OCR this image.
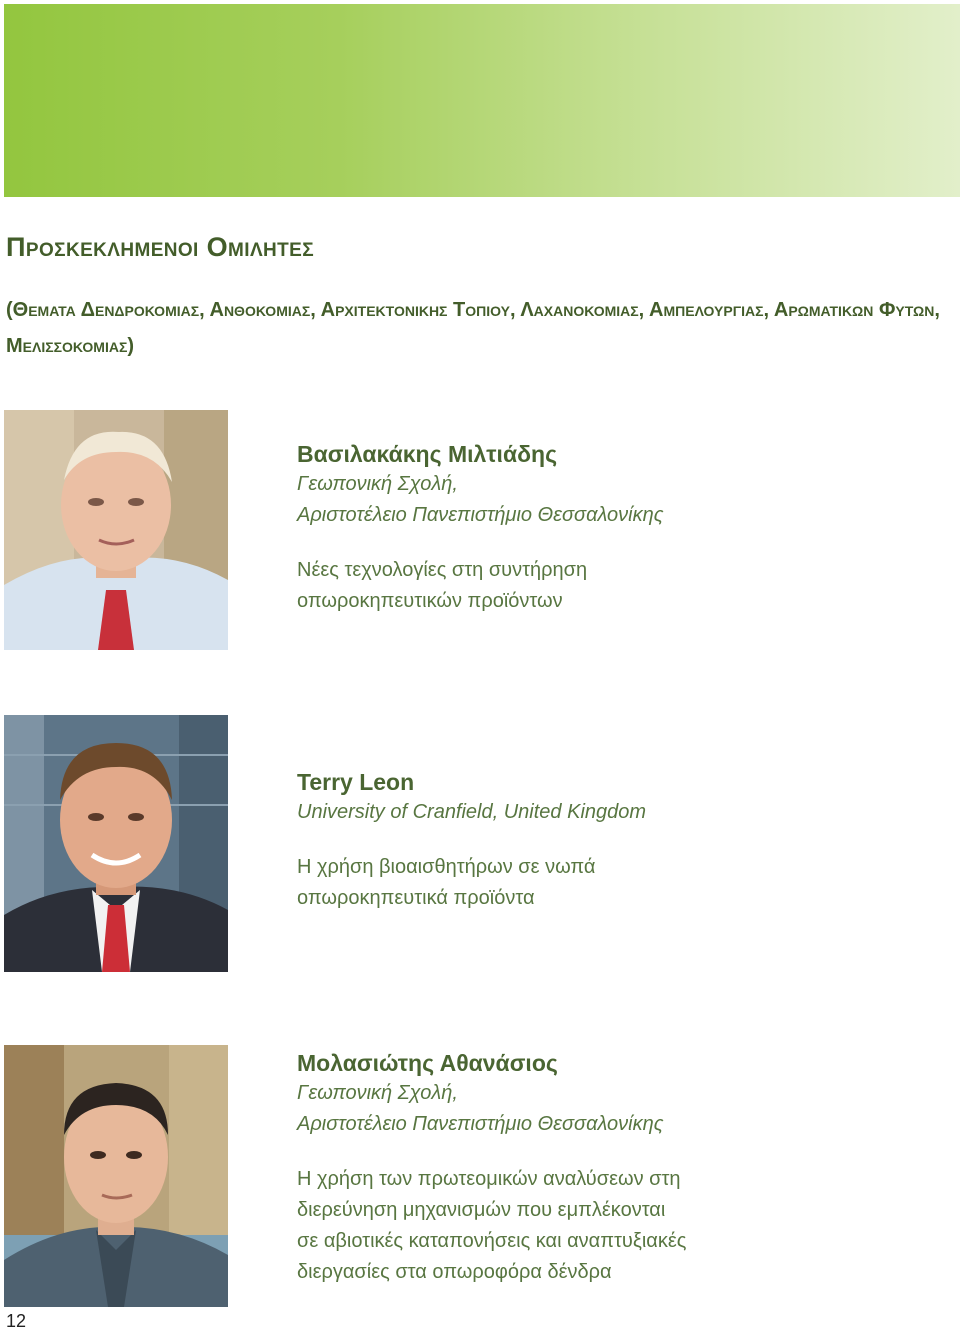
Προσκεκλημενοι Ομιλητες

(Θεματα Δενδροκομιας, Ανθοκομιας, Αρχιτεκτονικης Τοπιου, Λαχανοκομιας, Αμπελουργιας, Αρωματικων Φυτων, Μελισσοκομιας)

Βασιλακάκης Μιλτιάδης
Γεωπονική Σχολή,
Αριστοτέλειο Πανεπιστήμιο Θεσσαλονίκης
Νέες τεχνολογίες στη συντήρηση
οπωροκηπευτικών προϊόντων
Terry Leon
University of Cranfield, United Kingdom
Η χρήση βιοαισθητήρων σε νωπά
οπωροκηπευτικά προϊόντα
Μολασιώτης Αθανάσιος
Γεωπονική Σχολή,
Αριστοτέλειο Πανεπιστήμιο Θεσσαλονίκης
Η χρήση των πρωτεομικών αναλύσεων στη
διερεύνηση μηχανισμών που εμπλέκονται
σε αβιοτικές καταπονήσεις και αναπτυξιακές
διεργασίες στα οπωροφόρα δένδρα
12
